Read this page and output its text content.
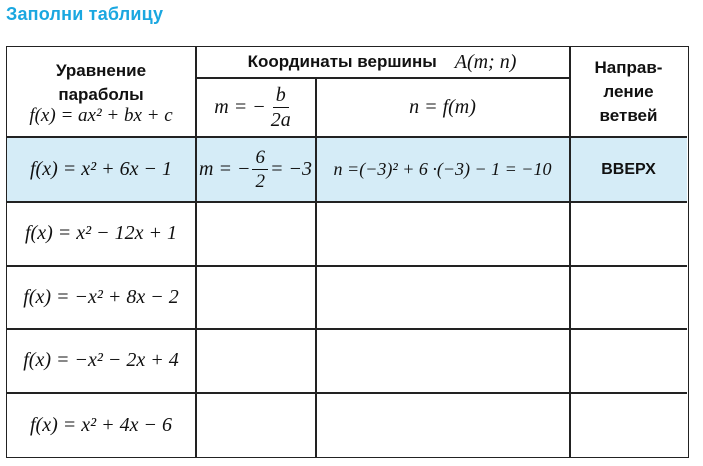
Заполни таблицу
Уравнение
параболы
f(x) = ax² + bx + c
Координаты вершины A(m; n)
m = − $\frac{b}{2a}$	n = f(m)
Направ-
ление
ветвей
f(x) = x² + 6x − 1 m = − $\frac{6}{2} = -3$ n =(−3)² + 6 ·(−3) − 1 = −10	ВВЕРХ
f(x) = x² − 12x + 1
f(x) = −x² + 8x − 2
f(x) = −x² − 2x + 4
f(x) = x² + 4x − 6
